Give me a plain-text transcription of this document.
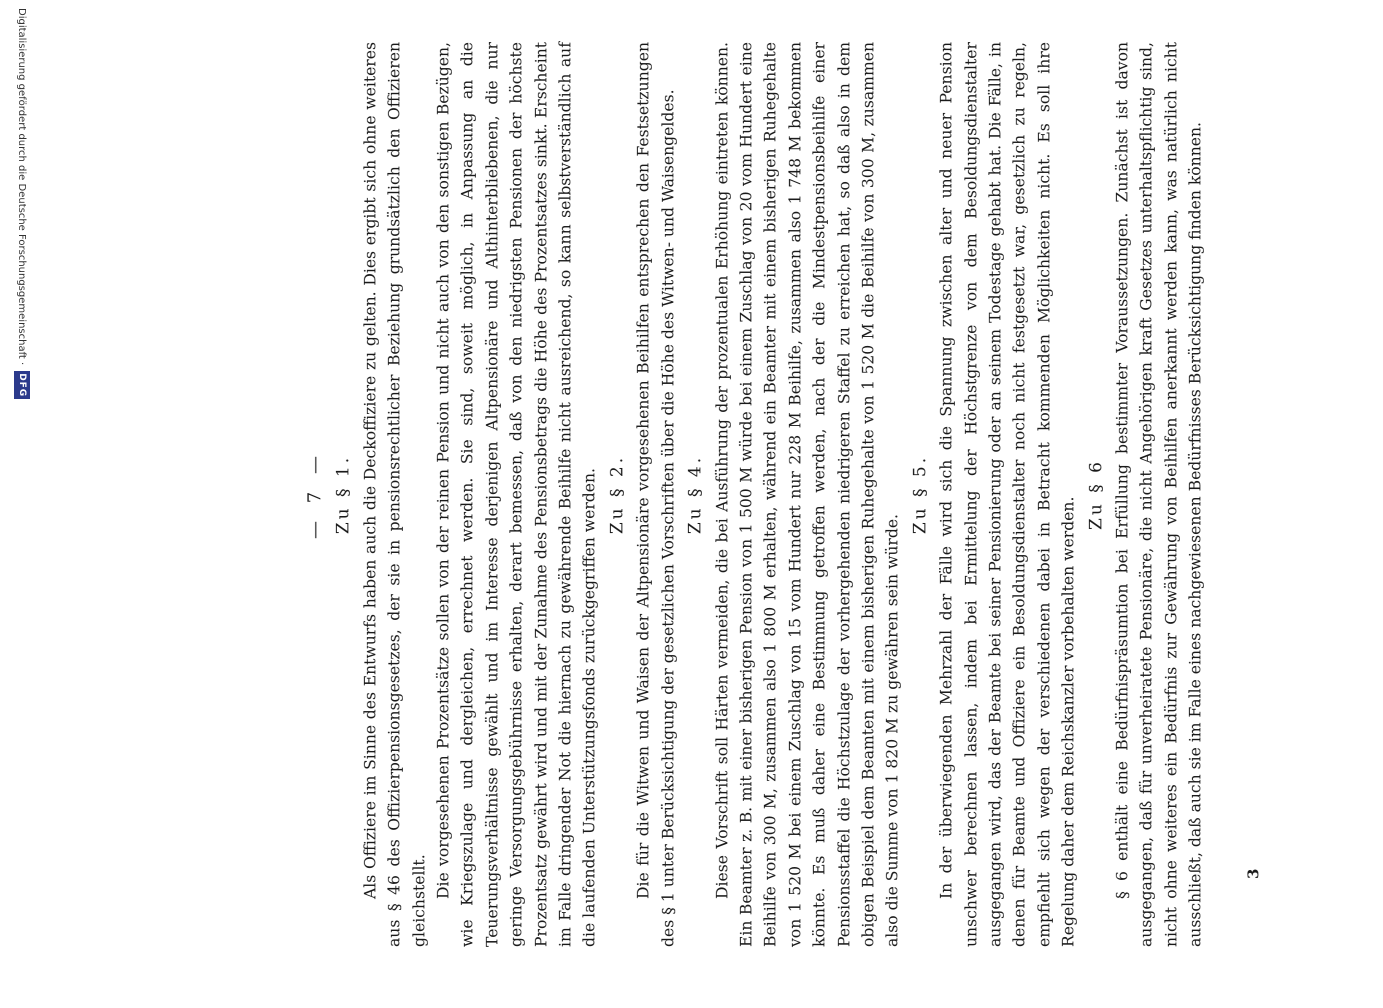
— 7 — Zu § 1. Als Offiziere im Sinne des Entwurfs haben auch die Deckoffiziere zu gelten. Dies ergibt sich ohne weiteres aus § 46 des Offizierpensionsgesetzes, der sie in pensionsrechtlicher Beziehung grundsätzlich den Offizieren gleichstellt.

Die vorgesehenen Prozentsätze sollen von der reinen Pension und nicht auch von den sonstigen Bezügen, wie Kriegszulage und dergleichen, errechnet werden. Sie sind, soweit möglich, in Anpassung an die Teuerungsverhältnisse gewählt und im Interesse derjenigen Altpensionäre und Althinterbliebenen, die nur geringe Versorgungsgebührnisse erhalten, derart bemessen, daß von den niedrigsten Pensionen der höchste Prozentsatz gewährt wird und mit der Zunahme des Pensionsbetrags die Höhe des Prozentsatzes sinkt. Erscheint im Falle dringender Not die hiernach zu gewährende Beihilfe nicht ausreichend, so kann selbstverständlich auf die laufenden Unterstützungsfonds zurückgegriffen werden. Zu § 2. Die für die Witwen und Waisen der Altpensionäre vorgesehenen Beihilfen entsprechen den Festsetzungen des § 1 unter Berücksichtigung der gesetzlichen Vorschriften über die Höhe des Witwen- und Waisengeldes. Zu § 4. Diese Vorschrift soll Härten vermeiden, die bei Ausführung der prozentualen Erhöhung eintreten können. Ein Beamter z. B. mit einer bisherigen Pension von 1 500 M würde bei einem Zuschlag von 20 vom Hundert eine Beihilfe von 300 M, zusammen also 1 800 M erhalten, während ein Beamter mit einem bisherigen Ruhegehalte von 1 520 M bei einem Zuschlag von 15 vom Hundert nur 228 M Beihilfe, zusammen also 1 748 M bekommen könnte. Es muß daher eine Bestimmung getroffen werden, nach der die Mindestpensionsbeihilfe einer Pensionsstaffel die Höchstzulage der vorhergehenden niedrigeren Staffel zu erreichen hat, so daß also in dem obigen Beispiel dem Beamten mit einem bisherigen Ruhegehalte von 1 520 M die Beihilfe von 300 M, zusammen also die Summe von 1 820 M zu gewähren sein würde.

Zu § 5. In der überwiegenden Mehrzahl der Fälle wird sich die Spannung zwischen alter und neuer Pension unschwer berechnen lassen, indem bei Ermittelung der Höchstgrenze von dem Besoldungsdienstalter ausgegangen wird, das der Beamte bei seiner Pensionierung oder an seinem Todestage gehabt hat. Die Fälle, in denen für Beamte und Offiziere ein Besoldungsdienstalter noch nicht festgesetzt war, gesetzlich zu regeln, empfiehlt sich wegen der verschiedenen dabei in Betracht kommenden Möglichkeiten nicht. Es soll ihre Regelung daher dem Reichskanzler vorbehalten werden.

Zu § 6 § 6 enthält eine Bedürfnispräsumtion bei Erfüllung bestimmter Voraussetzungen. Zunächst ist davon ausgegangen, daß für unverheiratete Pensionäre, die nicht Angehörigen kraft Gesetzes unterhaltspflichtig sind, nicht ohne weiteres ein Bedürfnis zur Gewährung von Beihilfen anerkannt werden kann, was natürlich nicht ausschließt, daß auch sie im Falle eines nachgewiesenen Bedürfnisses Berücksichtigung finden können.	3
Digitalisierung gefördert durch die Deutsche Forschungsgemeinschaft ·
DFG
